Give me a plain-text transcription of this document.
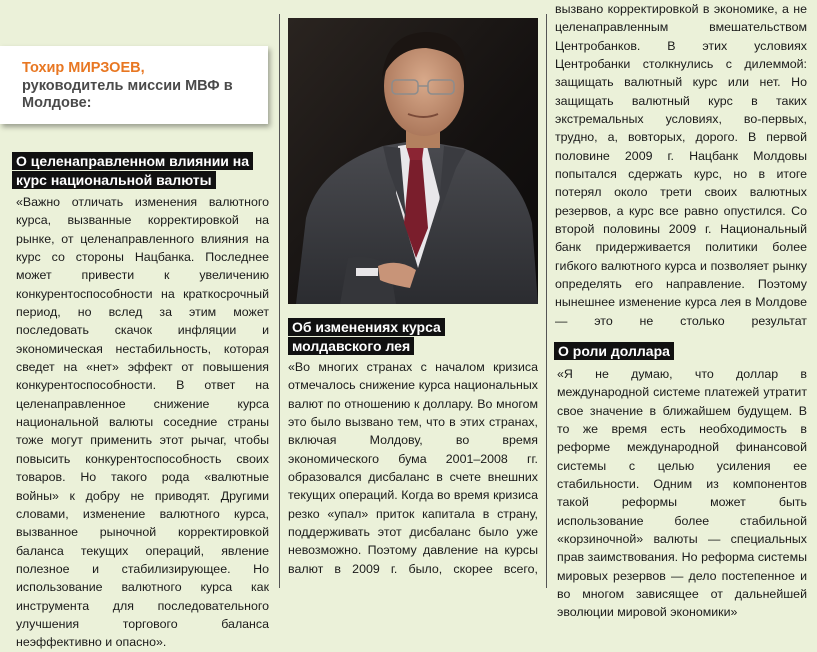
Тохир МИРЗОЕВ,
руководитель миссии МВФ в Молдове:
О целенаправленном влиянии на
курс национальной валюты

«Важно отличать изменения валютного курса, вызванные корректировкой на рынке, от целенаправленного влияния на курс со стороны Нацбанка. Последнее может привести к увеличению конкурентоспособности на краткосрочный период, но вслед за этим может последовать скачок инфляции и экономическая нестабильность, которая сведет на «нет» эффект от повышения конкурентоспособности. В ответ на целенаправленное снижение курса национальной валюты соседние страны тоже могут применить этот рычаг, чтобы повысить конкурентоспособность своих товаров. Но такого рода «валютные войны» к добру не приводят. Другими словами, изменение валютного курса, вызванное рыночной корректировкой баланса текущих операций, явление полезное и стабилизирующее. Но использование валютного курса как инструмента для последовательного улучшения торгового баланса неэффективно и опасно».

Об изменениях курса
молдавского лея

«Во многих странах с началом кризиса отмечалось снижение курса национальных валют по отношению к доллару. Во многом это было вызвано тем, что в этих странах, включая Молдову, во время экономического бума 2001–2008 гг. образовался дисбаланс в счете внешних текущих операций. Когда во время кризиса резко «упал» приток капитала в страну, поддерживать этот дисбаланс было уже невозможно. Поэтому давление на курсы валют в 2009 г. было, скорее всего,

вызвано корректировкой в экономике, а не целенаправленным вмешательством Центробанков. В этих условиях Центробанки столкнулись с дилеммой: защищать валютный курс или нет. Но защищать валютный курс в таких экстремальных условиях, во-первых, трудно, а, вовторых, дорого. В первой половине 2009 г. Нацбанк Молдовы попытался сдержать курс, но в итоге потерял около трети своих валютных резервов, а курс все равно опустился. Со второй половины 2009 г. Национальный банк придерживается политики более гибкого валютного курса и позволяет рынку определять его направление. Поэтому нынешнее изменение курса лея в Молдове — это не столько результат

О роли доллара

«Я не думаю, что доллар в международной системе платежей утратит свое значение в ближайшем будущем. В то же время есть необходимость в реформе международной финансовой системы с целью усиления ее стабильности. Одним из компонентов такой реформы может быть использование более стабильной «корзиночной» валюты — специальных прав заимствования. Но реформа системы мировых резервов — дело постепенное и во многом зависящее от дальнейшей эволюции мировой экономики»
